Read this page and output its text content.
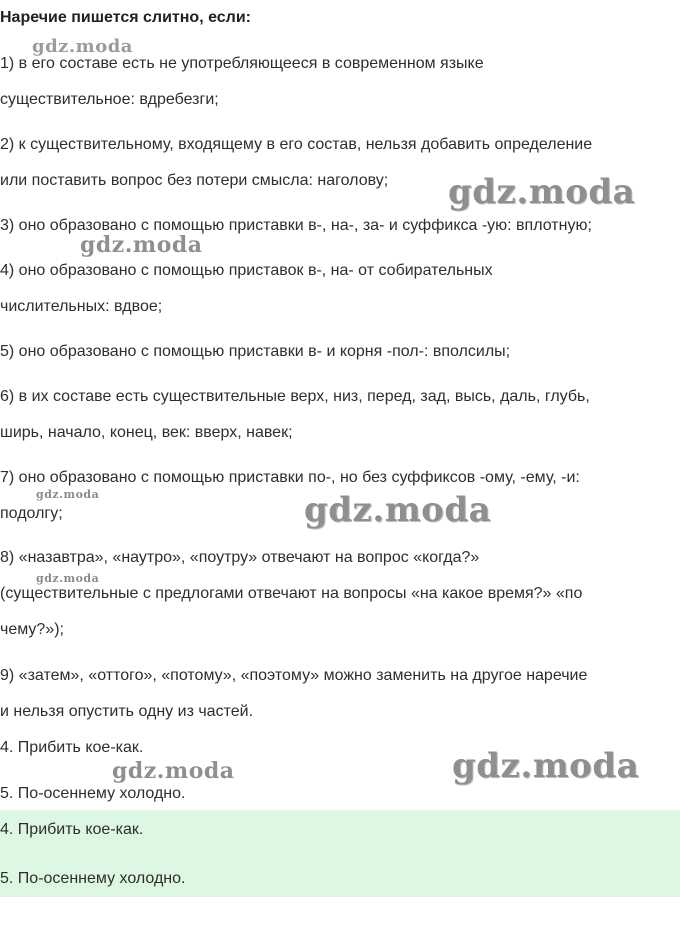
Наречие пишется слитно, если:
1) в его составе есть не употребляющееся в современном языке
существительное: вдребезги;
2) к существительному, входящему в его состав, нельзя добавить определение
или поставить вопрос без потери смысла: наголову;
3) оно образовано с помощью приставки в-, на-, за- и суффикса -ую: вплотную;
4) оно образовано с помощью приставок в-, на- от собирательных
числительных: вдвое;
5) оно образовано с помощью приставки в- и корня -пол-: вполсилы;
6) в их составе есть существительные верх, низ, перед, зад, высь, даль, глубь,
ширь, начало, конец, век: вверх, навек;
7) оно образовано с помощью приставки по-, но без суффиксов -ому, -ему, -и:
подолгу;
8) «назавтра», «наутро», «поутру» отвечают на вопрос «когда?»
(существительные с предлогами отвечают на вопросы «на какое время?» «по
чему?»);
9) «затем», «оттого», «потому», «поэтому» можно заменить на другое наречие
и нельзя опустить одну из частей.
4. Прибить кое-как.
5. По-осеннему холодно.
4. Прибить кое-как.
5. По-осеннему холодно.
gdz.moda
gdz.moda
gdz.moda
gdz.moda	gdz.moda
gdz.moda
gdz.moda	gdz.moda
